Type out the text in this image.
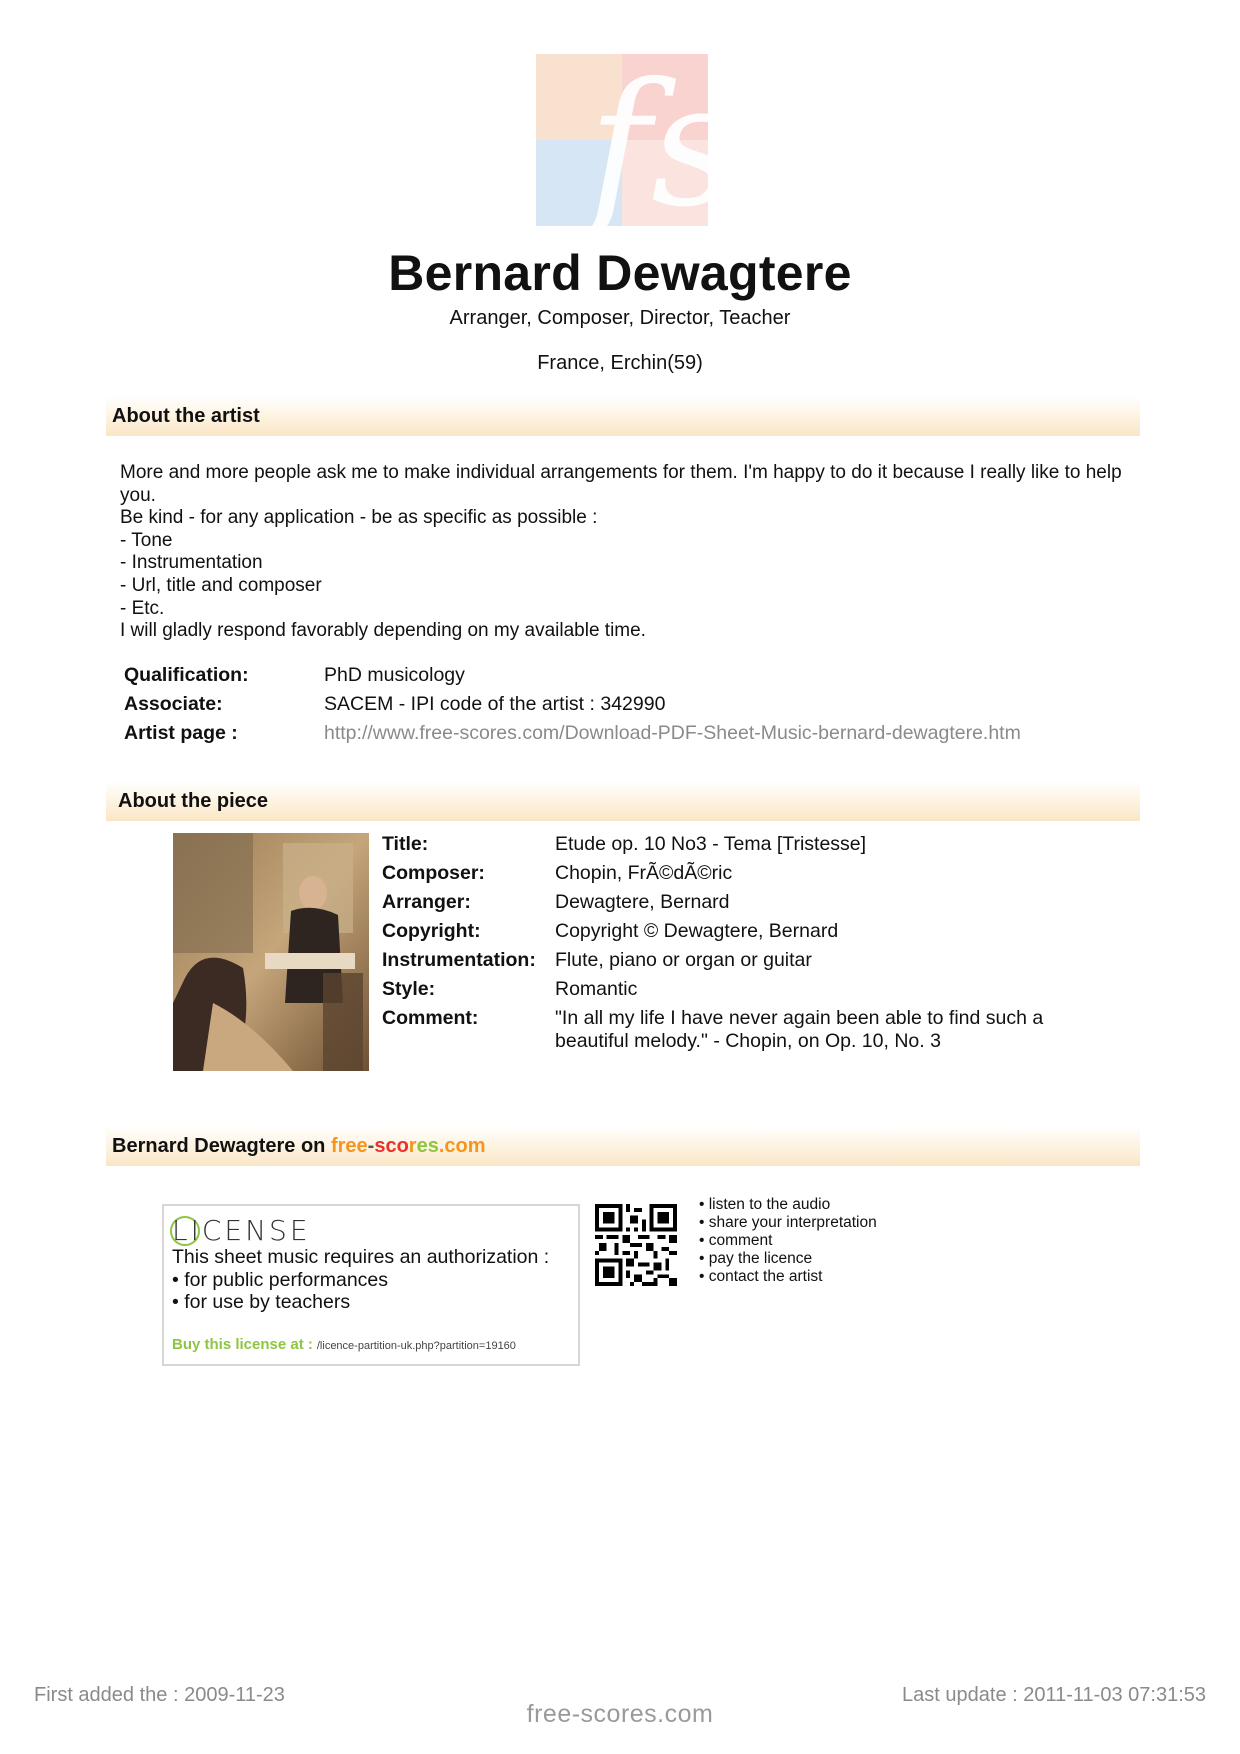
fs
Bernard Dewagtere
Arranger, Composer, Director, Teacher
France, Erchin(59)
About the artist
More and more people ask me to make individual arrangements for them. I'm happy to do it because I really like to help you.
Be kind - for any application - be as specific as possible :
- Tone
- Instrumentation
- Url, title and composer
- Etc.
I will gladly respond favorably depending on my available time.
Qualification:	PhD musicology
Associate:	SACEM - IPI code of the artist : 342990
Artist page :	http://www.free-scores.com/Download-PDF-Sheet-Music-bernard-dewagtere.htm
About the piece
Title:	Etude op. 10 No3 - Tema [Tristesse]
Composer:	Chopin, FrÃ©dÃ©ric
Arranger:	Dewagtere, Bernard
Copyright:	Copyright © Dewagtere, Bernard
Instrumentation: Flute, piano or organ or guitar
Style:	Romantic
Comment:	"In all my life I have never again been able to find such a beautiful melody." - Chopin, on Op. 10, No. 3
Bernard Dewagtere on free-scores.com
LICENSE
This sheet music requires an authorization :
• for public performances
• for use by teachers
Buy this license at : /licence-partition-uk.php?partition=19160
• listen to the audio
• share your interpretation
• comment
• pay the licence
• contact the artist
First added the : 2009-11-23	Last update : 2011-11-03 07:31:53
free-scores.com
